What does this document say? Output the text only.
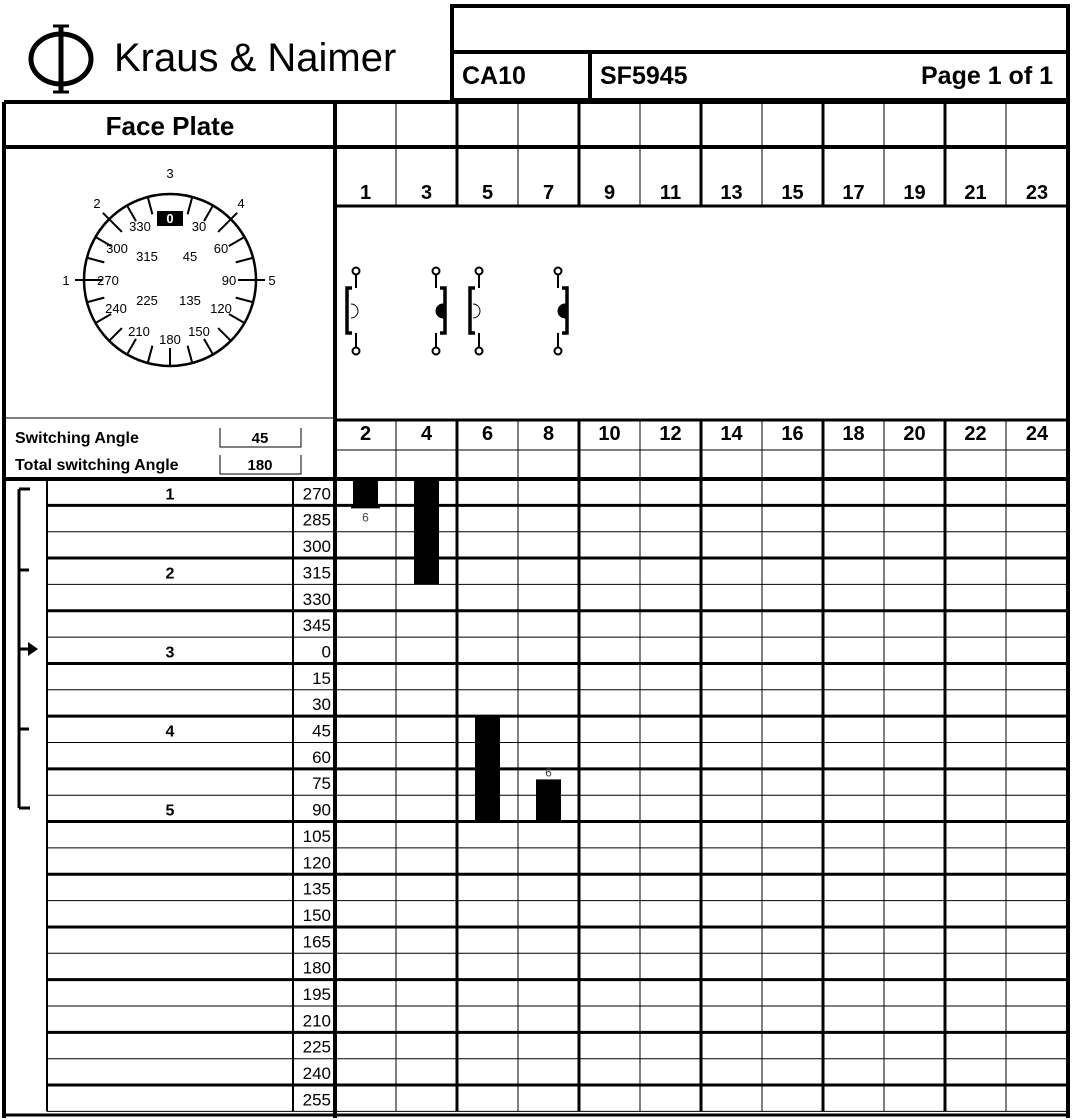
Kraus & Naimer	CA10	SF5945	Page 1 of 1
Face Plate
0
330	30
300
315 45
60
270	90
240
225 135
120
210
180
150
1
2
3
4
5
Switching Angle	45
Total switching Angle	180
1 3 5 7 9 11 13 15 17 19 21 23
2 4 6 8 10 12 14 16 18 20 22 24
1	270
285
300
2	315
330
345
3	0
15
30
4	45
60
75
5	90
105
120
135
150
165
180
195
210
225
240
255
6
6
